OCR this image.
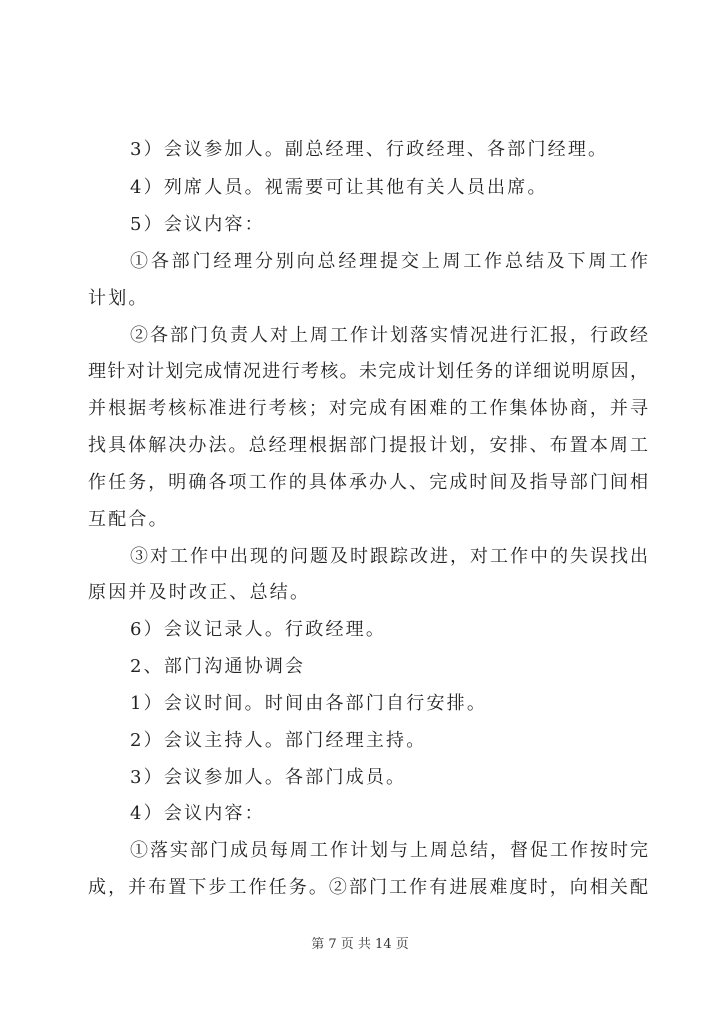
3）会议参加人。副总经理、行政经理、各部门经理。
4）列席人员。视需要可让其他有关人员出席。
5）会议内容：
①各部门经理分别向总经理提交上周工作总结及下周工作
计划。
②各部门负责人对上周工作计划落实情况进行汇报，行政经
理针对计划完成情况进行考核。未完成计划任务的详细说明原因，
并根据考核标准进行考核；对完成有困难的工作集体协商，并寻
找具体解决办法。总经理根据部门提报计划，安排、布置本周工
作任务，明确各项工作的具体承办人、完成时间及指导部门间相
互配合。
③对工作中出现的问题及时跟踪改进，对工作中的失误找出
原因并及时改正、总结。
6）会议记录人。行政经理。
2、部门沟通协调会
1）会议时间。时间由各部门自行安排。
2）会议主持人。部门经理主持。
3）会议参加人。各部门成员。
4）会议内容：
①落实部门成员每周工作计划与上周总结，督促工作按时完
成，并布置下步工作任务。②部门工作有进展难度时，向相关配
第 7 页 共 14 页
